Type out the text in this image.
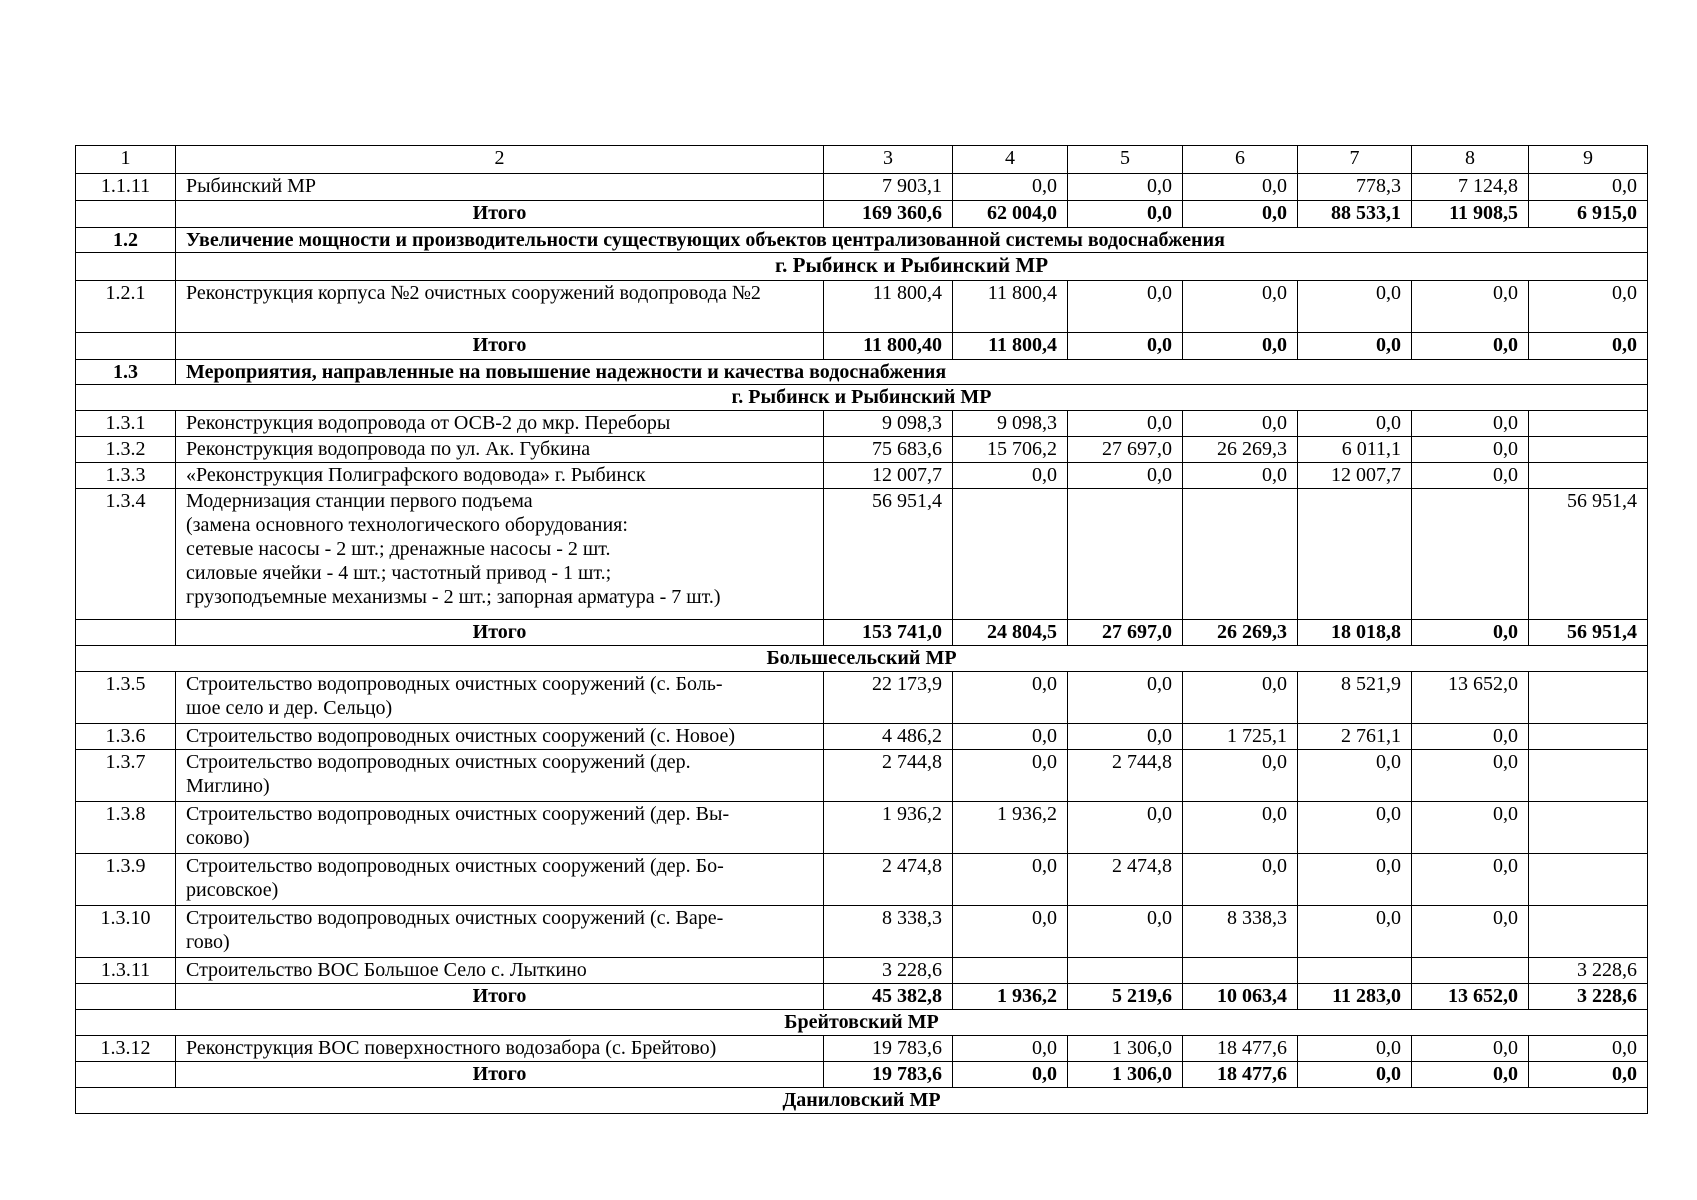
1	2	3	4	5	6	7	8	9
1.1.11	Рыбинский МР	7 903,1	0,0	0,0	0,0	778,3	7 124,8	0,0
	Итого	169 360,6	62 004,0	0,0	0,0	88 533,1	11 908,5	6 915,0
1.2	Увеличение мощности и производительности существующих объектов централизованной системы водоснабжения							
	г. Рыбинск и Рыбинский МР							
1.2.1	Реконструкция корпуса №2 очистных сооружений водопровода №2	11 800,4	11 800,4	0,0	0,0	0,0	0,0	0,0
	Итого	11 800,40	11 800,4	0,0	0,0	0,0	0,0	0,0
1.3	Мероприятия, направленные на повышение надежности и качества водоснабжения							
г. Рыбинск и Рыбинский МР								
1.3.1	Реконструкция водопровода от ОСВ-2 до мкр. Переборы	9 098,3	9 098,3	0,0	0,0	0,0	0,0	
1.3.2	Реконструкция водопровода по ул. Ак. Губкина	75 683,6	15 706,2	27 697,0	26 269,3	6 011,1	0,0	
1.3.3	«Реконструкция Полиграфского водовода» г. Рыбинск	12 007,7	0,0	0,0	0,0	12 007,7	0,0	
1.3.4	Модернизация станции первого подъема
(замена основного технологического оборудования:
сетевые насосы - 2 шт.; дренажные насосы - 2 шт.
силовые ячейки - 4 шт.; частотный привод - 1 шт.;
грузоподъемные механизмы - 2 шт.; запорная арматура - 7 шт.)	56 951,4						56 951,4
	Итого	153 741,0	24 804,5	27 697,0	26 269,3	18 018,8	0,0	56 951,4
Большесельский МР								
1.3.5	Строительство водопроводных очистных сооружений (с. Боль-
шое село и дер. Сельцо)	22 173,9	0,0	0,0	0,0	8 521,9	13 652,0	
1.3.6	Строительство водопроводных очистных сооружений (с. Новое)	4 486,2	0,0	0,0	1 725,1	2 761,1	0,0	
1.3.7	Строительство водопроводных очистных сооружений (дер.
Миглино)	2 744,8	0,0	2 744,8	0,0	0,0	0,0	
1.3.8	Строительство водопроводных очистных сооружений (дер. Вы-
соково)	1 936,2	1 936,2	0,0	0,0	0,0	0,0	
1.3.9	Строительство водопроводных очистных сооружений (дер. Бо-
рисовское)	2 474,8	0,0	2 474,8	0,0	0,0	0,0	
1.3.10	Строительство водопроводных очистных сооружений (с. Варе-
гово)	8 338,3	0,0	0,0	8 338,3	0,0	0,0	
1.3.11	Строительство ВОС Большое Село с. Лыткино	3 228,6						3 228,6
	Итого	45 382,8	1 936,2	5 219,6	10 063,4	11 283,0	13 652,0	3 228,6
Брейтовский МР								
1.3.12	Реконструкция ВОС поверхностного водозабора (с. Брейтово)	19 783,6	0,0	1 306,0	18 477,6	0,0	0,0	0,0
	Итого	19 783,6	0,0	1 306,0	18 477,6	0,0	0,0	0,0
Даниловский МР								
